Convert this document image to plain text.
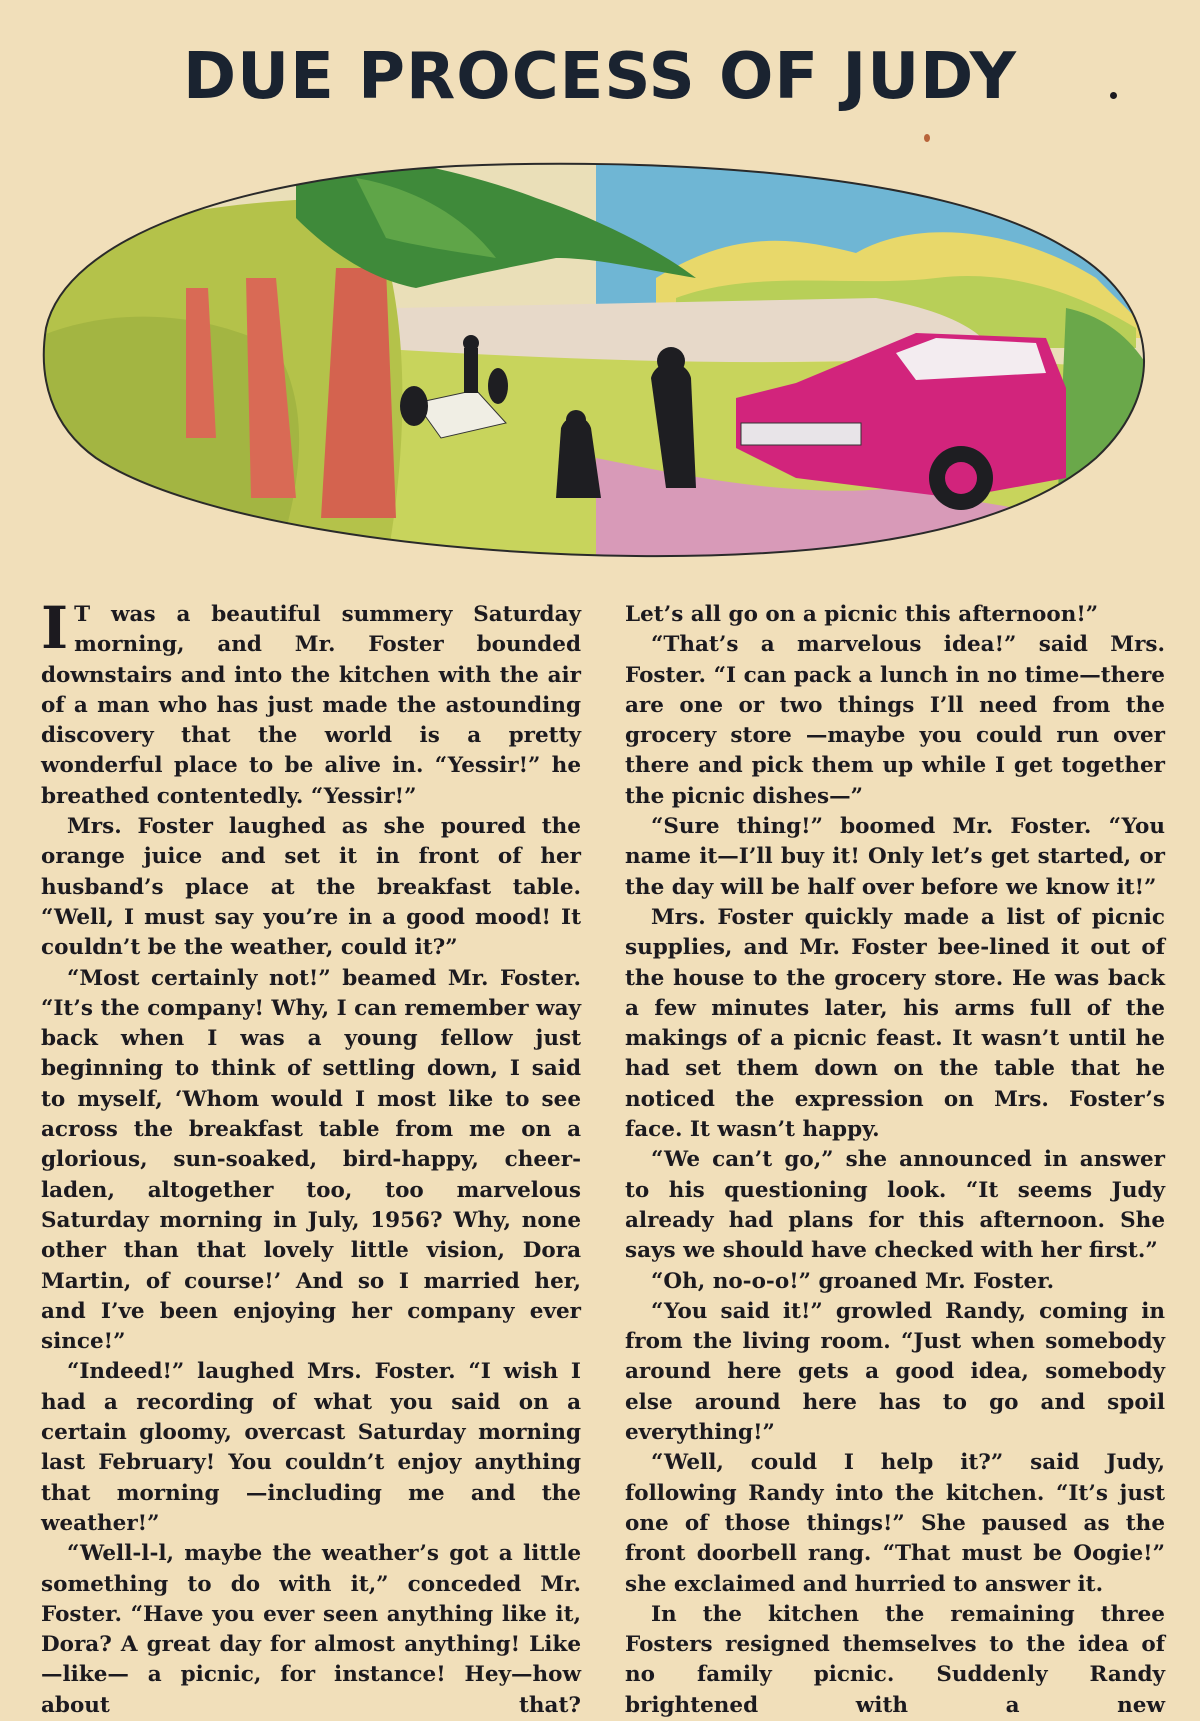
DUE PROCESS OF JUDY

I T was a beautiful summery Saturday morning, and Mr. Foster bounded downstairs and into the kitchen with the air of a man who has just made the astounding discovery that the world is a pretty wonderful place to be alive in. “Yessir!” he breathed contentedly. “Yessir!”

Mrs. Foster laughed as she poured the orange juice and set it in front of her husband’s place at the breakfast table. “Well, I must say you’re in a good mood! It couldn’t be the weather, could it?”

“Most certainly not!” beamed Mr. Foster. “It’s the company! Why, I can remember way back when I was a young fellow just beginning to think of settling down, I said to myself, ‘Whom would I most like to see across the breakfast table from me on a glorious, sun-soaked, bird-happy, cheer-laden, altogether too, too marvelous Saturday morning in July, 1956? Why, none other than that lovely little vision, Dora Martin, of course!’ And so I married her, and I’ve been enjoying her company ever since!”

“Indeed!” laughed Mrs. Foster. “I wish I had a recording of what you said on a certain gloomy, overcast Saturday morning last February! You couldn’t enjoy anything that morning —including me and the weather!”

“Well-l-l, maybe the weather’s got a little something to do with it,” conceded Mr. Foster. “Have you ever seen anything like it, Dora? A great day for almost anything! Like—like— a picnic, for instance! Hey—how about that?

Let’s all go on a picnic this afternoon!”

“That’s a marvelous idea!” said Mrs. Foster. “I can pack a lunch in no time—there are one or two things I’ll need from the grocery store —maybe you could run over there and pick them up while I get together the picnic dishes—”

“Sure thing!” boomed Mr. Foster. “You name it—I’ll buy it! Only let’s get started, or the day will be half over before we know it!”

Mrs. Foster quickly made a list of picnic supplies, and Mr. Foster bee-lined it out of the house to the grocery store. He was back a few minutes later, his arms full of the makings of a picnic feast. It wasn’t until he had set them down on the table that he noticed the expression on Mrs. Foster’s face. It wasn’t happy.

“We can’t go,” she announced in answer to his questioning look. “It seems Judy already had plans for this afternoon. She says we should have checked with her first.”

“Oh, no-o-o!” groaned Mr. Foster.

“You said it!” growled Randy, coming in from the living room. “Just when somebody around here gets a good idea, somebody else around here has to go and spoil everything!”

“Well, could I help it?” said Judy, following Randy into the kitchen. “It’s just one of those things!” She paused as the front doorbell rang. “That must be Oogie!” she exclaimed and hurried to answer it.

In the kitchen the remaining three Fosters resigned themselves to the idea of no family picnic. Suddenly Randy brightened with a new
